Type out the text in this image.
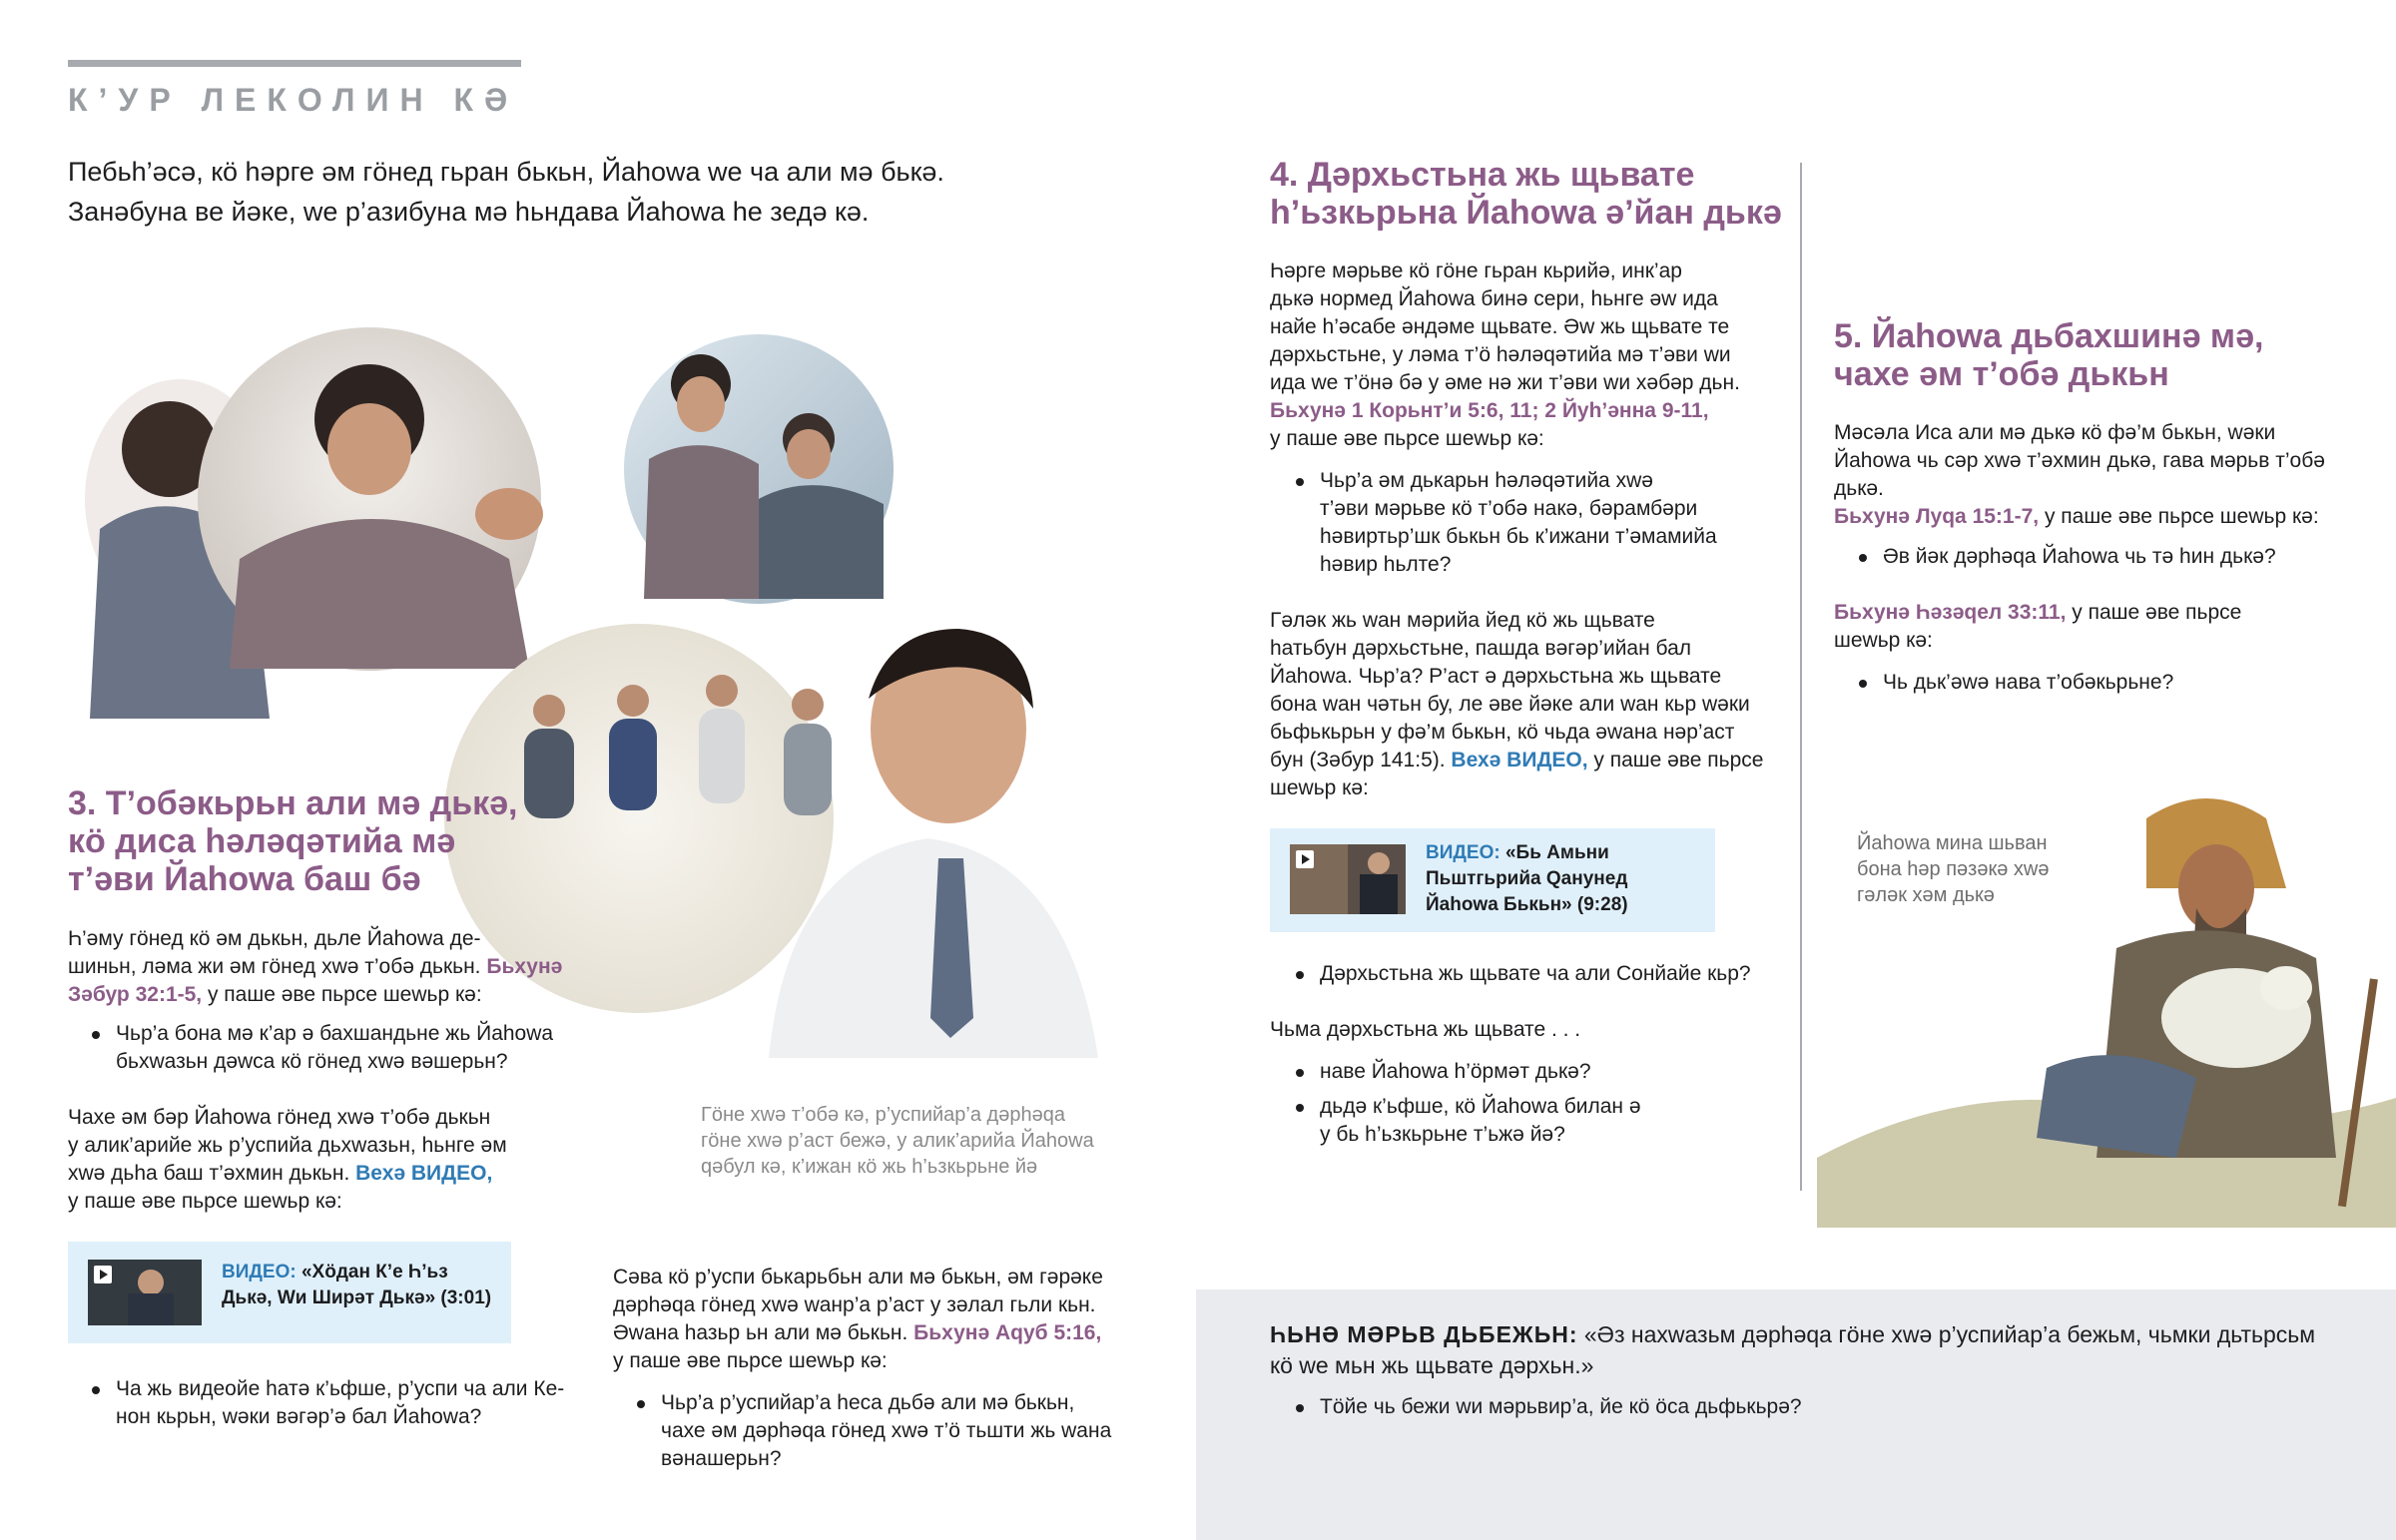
К’УР ЛЕКОЛИН КӘ
Пебьһ’әсә, кӧ һәрге әм гӧнед гьран бькьн, Йаһowa we ча али мә бькә.
Занәбуна ве йәке, we р’азибуна мә һьндава Йаһowa һе зедә кә.
3. Т’обәкьрьн али мә дькә,
кӧ диса һәләqәтийа мә
т’әви Йаһowa баш бә
Һ’әму гӧнед кӧ әм дькьн, дьле Йаһowa де-
шиньн, ләма жи әм гӧнед хwә т’обә дькьн. Бьхунә
Зәбур 32:1-5, у паше әве пьрсе шеwьр кә:
Чьр’а бона мә к’ар ә бахшандьне жь Йаһowa
бьхwазьн дәwса кӧ гӧнед хwә вәшерьн?
Чахе әм бәр Йаһowa гӧнед хwә т’обә дькьн
у алик’арийе жь р’успийа дьхwазьн, һьнге әм
хwә дьһа баш т’әхмин дькьн. Вехә ВИДЕО,
у паше әве пьрсе шеwьр кә:
ВИДЕО: «Хӧдан К’е Һ’ьз
Дькә, Wи Ширәт Дькә» (3:01)
Ча жь видеойе һатә к’ьфше, р’успи ча али Ке-
нон кьрьн, wәки вәгәр’ә бал Йаһowa?
Гӧне хwә т’обә кә, р’успийар’а дәрһәqа
гӧне хwә р’аст бежә, у алик’арийа Йаһowa
qәбул кә, к’ижан кӧ жь һ’ьзкьрьне йә
Сәва кӧ р’успи бькарьбьн али мә бькьн, әм гәрәке
дәрһәqа гӧнед хwә wанр’а р’аст у зәлал гьли кьн.
Әwана һазьр ьн али мә бькьн. Бьхунә Аqуб 5:16,
у паше әве пьрсе шеwьр кә:
Чьр’а р’успийар’а һеса дьбә али мә бькьн,
чахе әм дәрһәqа гӧнед хwә т’ӧ тьшти жь wана
вәнашерьн?
4. Дәрхьстьна жь щьвате
һ’ьзкьрьна Йаһowa ә’йан дькә
Һәрге мәрьве кӧ гӧне гьран кьрийә, инк’ар
дькә нормед Йаһowa бинә сери, һьнге әw ида
найе һ’әсабе әндәме щьвате. Әw жь щьвате те
дәрхьстьне, у ләма т’ӧ һәләqәтийа мә т’әви wи
ида we т’ӧнә бә у әме нә жи т’әви wи хәбәр дьн.
Бьхунә 1 Корьнт’и 5:6, 11; 2 Йуһ’әнна 9-11,
у паше әве пьрсе шеwьр кә:
Чьр’а әм дькарьн һәләqәтийа хwә
т’әви мәрьве кӧ т’обә накә, бәрамбәри
һәвиртьр’шк бькьн бь к’ижани т’әмамийа
һәвир һьлте?
Гәләк жь wан мәрийа йед кӧ жь щьвате
һатьбун дәрхьстьне, пашда вәгәр’ийан бал
Йаһowa. Чьр’а? Р’аст ә дәрхьстьна жь щьвате
бона wан чәтьн бу, ле әве йәке али wан кьр wәки
бьфькьрьн у фә’м бькьн, кӧ чьда әwана нәр’аст
бун (Зәбур 141:5). Вехә ВИДЕО, у паше әве пьрсе
шеwьр кә:
ВИДЕО: «Бь Амьни
Пьштгьрийа Qанунед
Йаһowa Бькьн» (9:28)
Дәрхьстьна жь щьвате ча али Сонйайе кьр?
Чьма дәрхьстьна жь щьвате . . .
наве Йаһowa һ’ӧрмәт дькә?
дьдә к’ьфше, кӧ Йаһowa билан ә
у бь һ’ьзкьрьне т’ьжә йә?
5. Йаһowa дьбахшинә мә,
чахе әм т’обә дькьн
Мәсәла Иса али мә дькә кӧ фә’м бькьн, wәки
Йаһowa чь сәр хwә т’әхмин дькә, гава мәрьв т’обә
дькә.
Бьхунә Луqа 15:1-7, у паше әве пьрсе шеwьр кә:
Әв йәк дәрһәqа Йаһowa чь тә һин дькә?
Бьхунә Һәзәqел 33:11, у паше әве пьрсе
шеwьр кә:
Чь дьк’әwә нава т’обәкьрьне?
Йаһowa мина шьван
бона һәр пәзәкә хwә
гәләк хәм дькә
ҺЬНӘ МӘРЬВ ДЬБЕЖЬН: «Әз нахwазьм дәрһәqа гӧне хwә р’успийар’а бежьм, чьмки дьтьрсьм
кӧ we мьн жь щьвате дәрхьн.»
Тӧйе чь бежи wи мәрьвир’а, йе кӧ ӧса дьфькьрә?
